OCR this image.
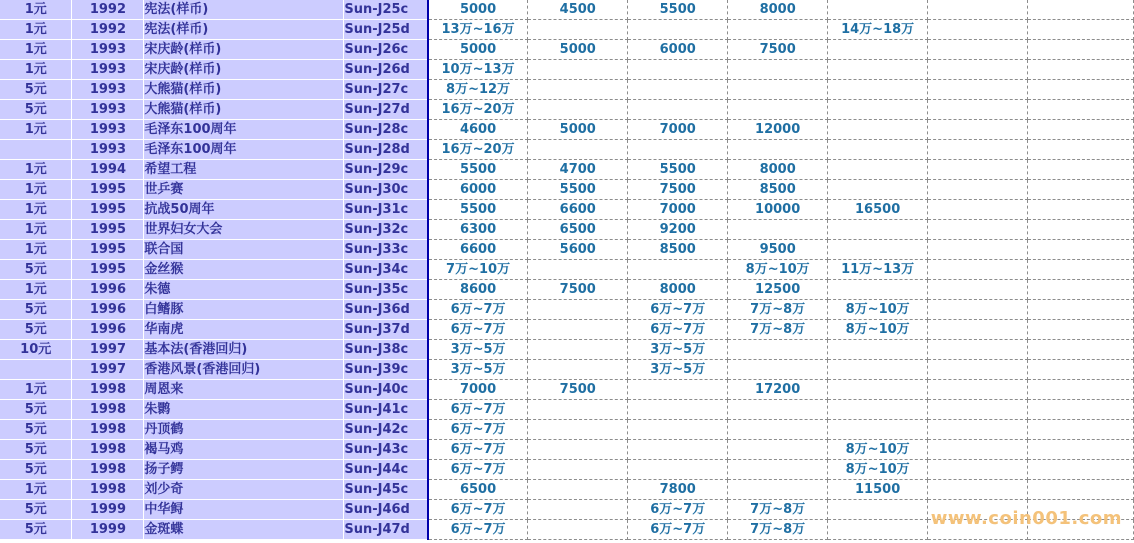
1元	1992	宪法(样币)	Sun-J25c	5000	4500	5500	8000			
1元	1992	宪法(样币)	Sun-J25d	13万~16万				14万~18万		
1元	1993	宋庆龄(样币)	Sun-J26c	5000	5000	6000	7500			
1元	1993	宋庆龄(样币)	Sun-J26d	10万~13万						
5元	1993	大熊猫(样币)	Sun-J27c	8万~12万						
5元	1993	大熊猫(样币)	Sun-J27d	16万~20万						
1元	1993	毛泽东100周年	Sun-J28c	4600	5000	7000	12000			
	1993	毛泽东100周年	Sun-J28d	16万~20万						
1元	1994	希望工程	Sun-J29c	5500	4700	5500	8000			
1元	1995	世乒赛	Sun-J30c	6000	5500	7500	8500			
1元	1995	抗战50周年	Sun-J31c	5500	6600	7000	10000	16500		
1元	1995	世界妇女大会	Sun-J32c	6300	6500	9200				
1元	1995	联合国	Sun-J33c	6600	5600	8500	9500			
5元	1995	金丝猴	Sun-J34c	7万~10万			8万~10万	11万~13万		
1元	1996	朱德	Sun-J35c	8600	7500	8000	12500			
5元	1996	白鳍豚	Sun-J36d	6万~7万		6万~7万	7万~8万	8万~10万		
5元	1996	华南虎	Sun-J37d	6万~7万		6万~7万	7万~8万	8万~10万		
10元	1997	基本法(香港回归)	Sun-J38c	3万~5万		3万~5万				
	1997	香港风景(香港回归)	Sun-J39c	3万~5万		3万~5万				
1元	1998	周恩来	Sun-J40c	7000	7500		17200			
5元	1998	朱鹮	Sun-J41c	6万~7万						
5元	1998	丹顶鹤	Sun-J42c	6万~7万						
5元	1998	褐马鸡	Sun-J43c	6万~7万				8万~10万		
5元	1998	扬子鳄	Sun-J44c	6万~7万				8万~10万		
1元	1998	刘少奇	Sun-J45c	6500		7800		11500		
5元	1999	中华鲟	Sun-J46d	6万~7万		6万~7万	7万~8万			
5元	1999	金斑蝶	Sun-J47d	6万~7万		6万~7万	7万~8万			
www.coin001.com
